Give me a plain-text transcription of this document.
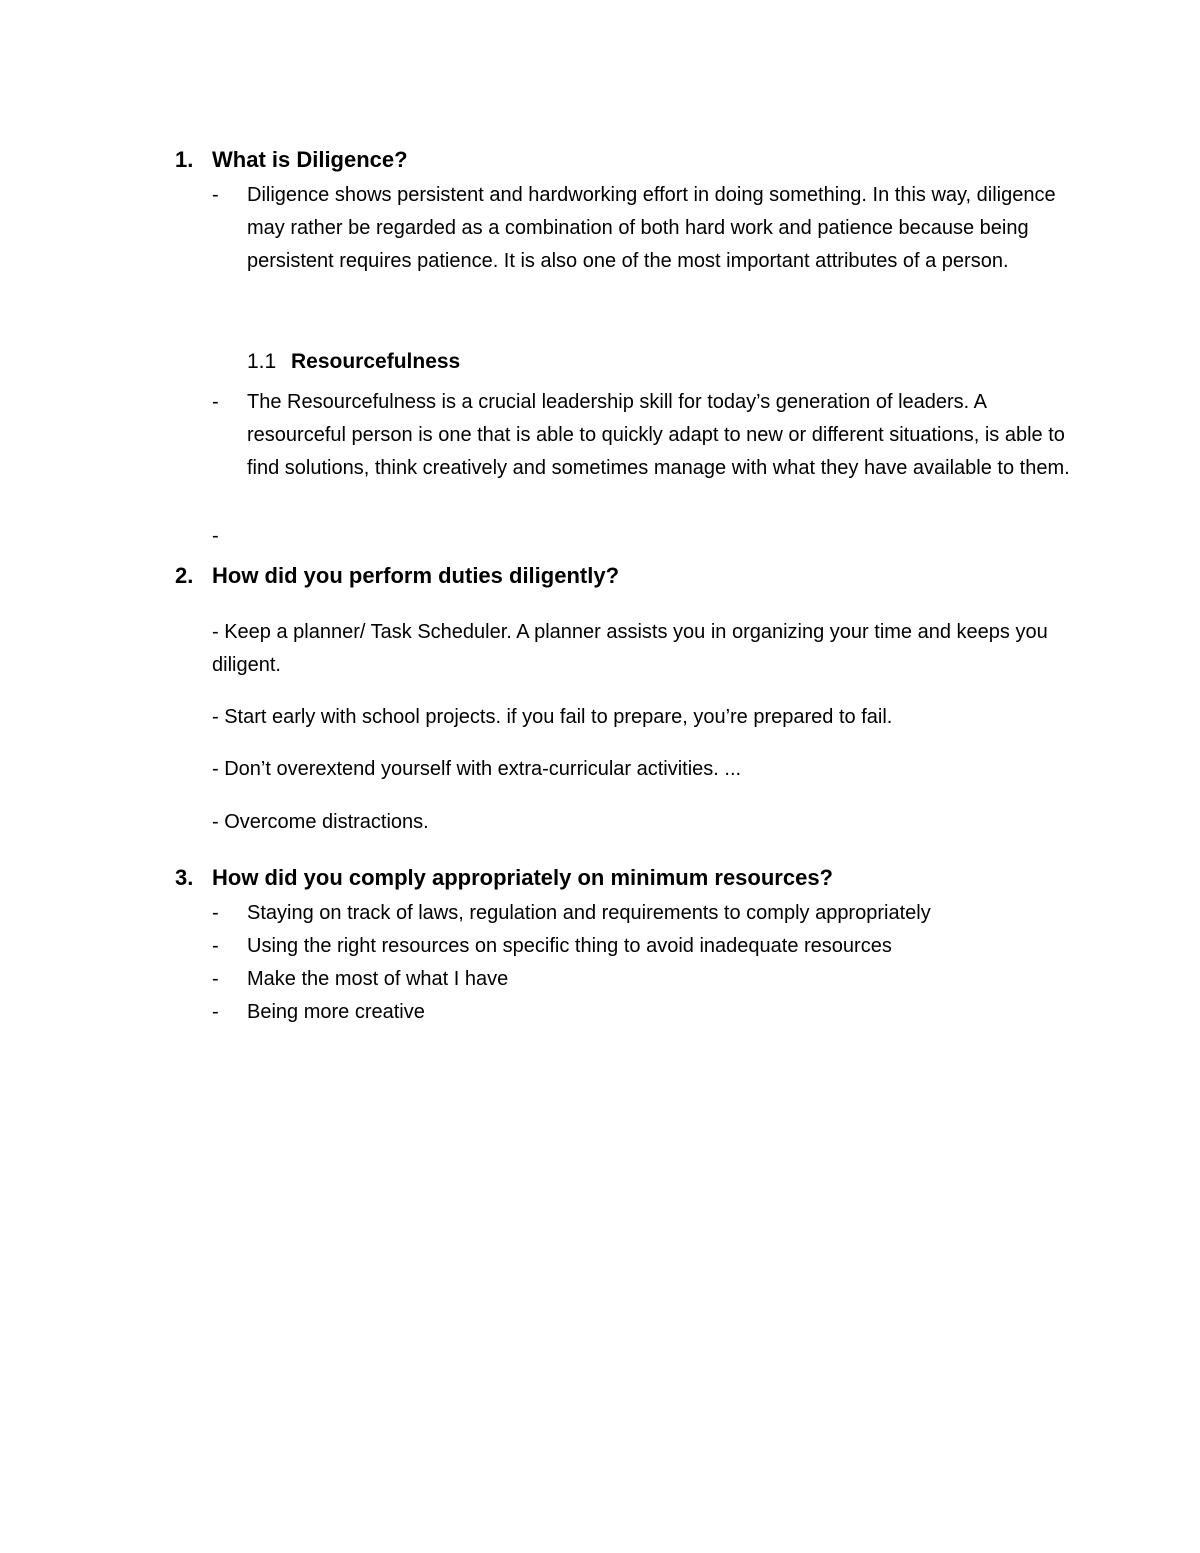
1. What is Diligence?
- Diligence shows persistent and hardworking effort in doing something. In this way, diligence may rather be regarded as a combination of both hard work and patience because being persistent requires patience. It is also one of the most important attributes of a person.
1.1 Resourcefulness
- The Resourcefulness is a crucial leadership skill for today’s generation of leaders. A resourceful person is one that is able to quickly adapt to new or different situations, is able to find solutions, think creatively and sometimes manage with what they have available to them.
-
2. How did you perform duties diligently?
- Keep a planner/ Task Scheduler. A planner assists you in organizing your time and keeps you diligent.
- Start early with school projects. if you fail to prepare, you’re prepared to fail.
- Don’t overextend yourself with extra-curricular activities. ...
- Overcome distractions.
3. How did you comply appropriately on minimum resources?
- Staying on track of laws, regulation and requirements to comply appropriately
- Using the right resources on specific thing to avoid inadequate resources
- Make the most of what I have
- Being more creative
